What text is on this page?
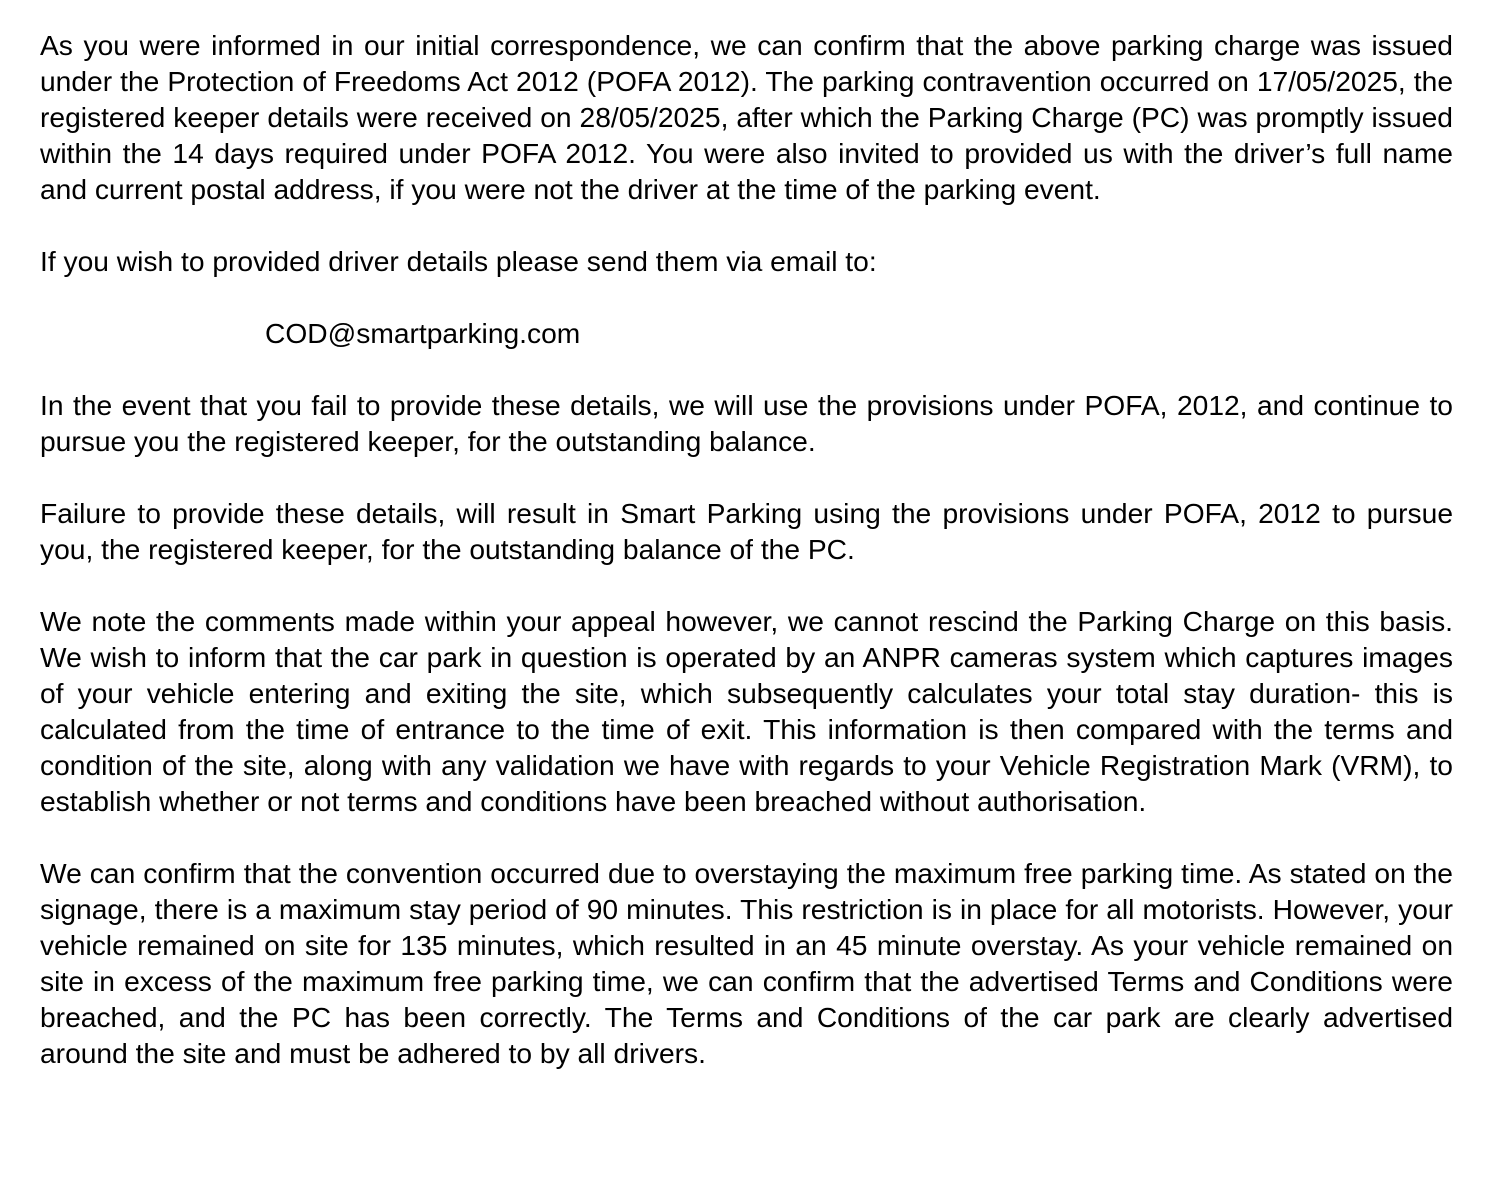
As you were informed in our initial correspondence, we can confirm that the above parking charge was issued under the Protection of Freedoms Act 2012 (POFA 2012). The parking contravention occurred on 17/05/2025, the registered keeper details were received on 28/05/2025, after which the Parking Charge (PC) was promptly issued within the 14 days required under POFA 2012. You were also invited to provided us with the driver’s full name and current postal address, if you were not the driver at the time of the parking event.

If you wish to provided driver details please send them via email to:

COD@smartparking.com

In the event that you fail to provide these details, we will use the provisions under POFA, 2012, and continue to pursue you the registered keeper, for the outstanding balance.

Failure to provide these details, will result in Smart Parking using the provisions under POFA, 2012 to pursue you, the registered keeper, for the outstanding balance of the PC.

We note the comments made within your appeal however, we cannot rescind the Parking Charge on this basis. We wish to inform that the car park in question is operated by an ANPR cameras system which captures images of your vehicle entering and exiting the site, which subsequently calculates your total stay duration- this is calculated from the time of entrance to the time of exit. This information is then compared with the terms and condition of the site, along with any validation we have with regards to your Vehicle Registration Mark (VRM), to establish whether or not terms and conditions have been breached without authorisation.

We can confirm that the convention occurred due to overstaying the maximum free parking time. As stated on the signage, there is a maximum stay period of 90 minutes. This restriction is in place for all motorists. However, your vehicle remained on site for 135 minutes, which resulted in an 45 minute overstay. As your vehicle remained on site in excess of the maximum free parking time, we can confirm that the advertised Terms and Conditions were breached, and the PC has been correctly. The Terms and Conditions of the car park are clearly advertised around the site and must be adhered to by all drivers.
